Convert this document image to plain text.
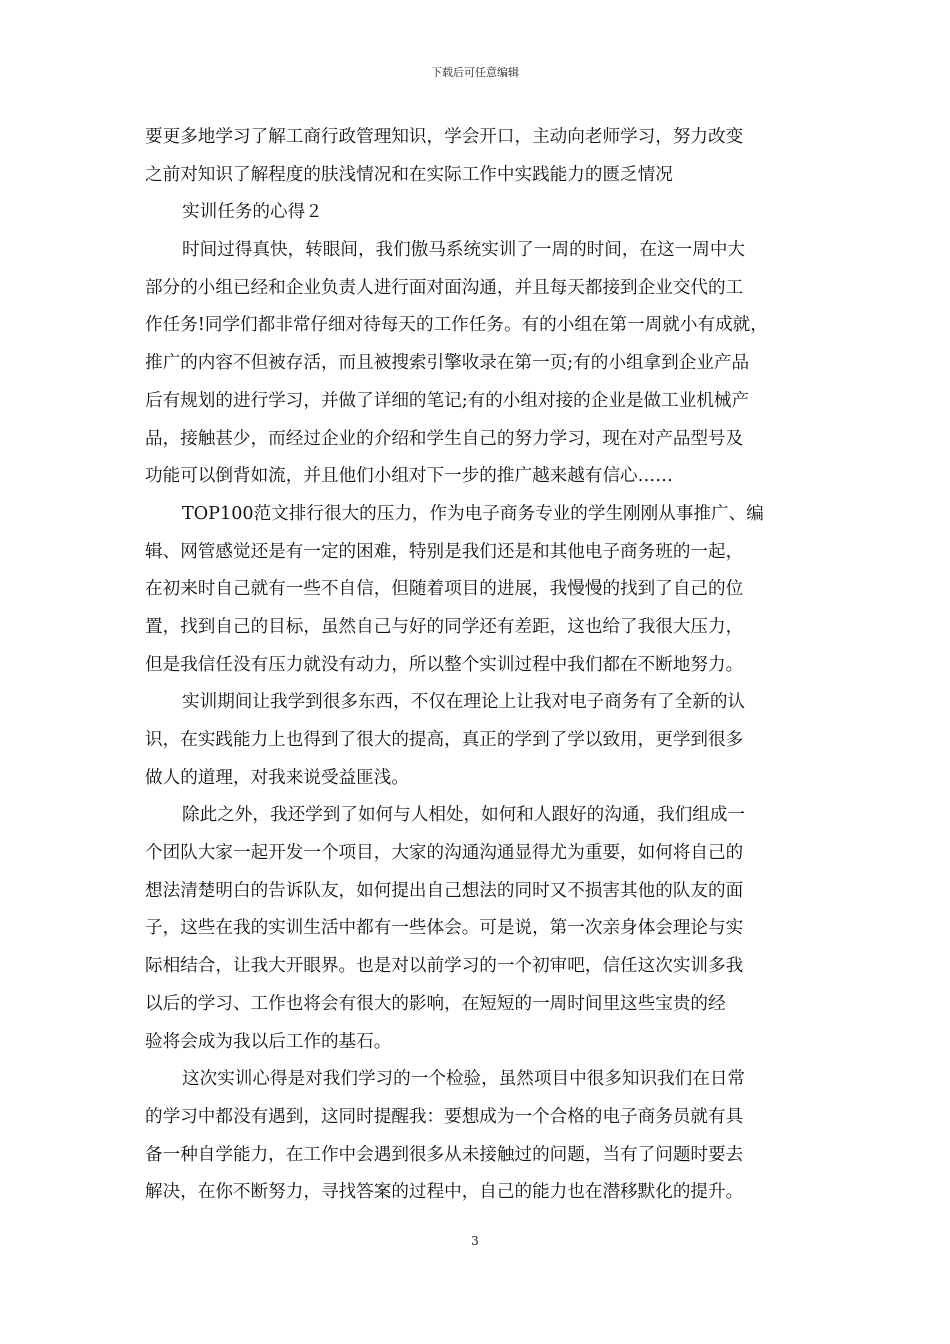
下载后可任意编辑
要更多地学习了解工商行政管理知识，学会开口，主动向老师学习，努力改变
之前对知识了解程度的肤浅情况和在实际工作中实践能力的匮乏情况
实训任务的心得２
时间过得真快，转眼间，我们傲马系统实训了一周的时间，在这一周中大
部分的小组已经和企业负责人进行面对面沟通，并且每天都接到企业交代的工
作任务!同学们都非常仔细对待每天的工作任务。有的小组在第一周就小有成就，
推广的内容不但被存活，而且被搜索引擎收录在第一页;有的小组拿到企业产品
后有规划的进行学习，并做了详细的笔记;有的小组对接的企业是做工业机械产
品，接触甚少，而经过企业的介绍和学生自己的努力学习，现在对产品型号及
功能可以倒背如流，并且他们小组对下一步的推广越来越有信心……
TOP100范文排行很大的压力，作为电子商务专业的学生刚刚从事推广、编
辑、网管感觉还是有一定的困难，特别是我们还是和其他电子商务班的一起，
在初来时自己就有一些不自信，但随着项目的进展，我慢慢的找到了自己的位
置，找到自己的目标，虽然自己与好的同学还有差距，这也给了我很大压力，
但是我信任没有压力就没有动力，所以整个实训过程中我们都在不断地努力。
实训期间让我学到很多东西，不仅在理论上让我对电子商务有了全新的认
识，在实践能力上也得到了很大的提高，真正的学到了学以致用，更学到很多
做人的道理，对我来说受益匪浅。
除此之外，我还学到了如何与人相处，如何和人跟好的沟通，我们组成一
个团队大家一起开发一个项目，大家的沟通沟通显得尤为重要，如何将自己的
想法清楚明白的告诉队友，如何提出自己想法的同时又不损害其他的队友的面
子，这些在我的实训生活中都有一些体会。可是说，第一次亲身体会理论与实
际相结合，让我大开眼界。也是对以前学习的一个初审吧，信任这次实训多我
以后的学习、工作也将会有很大的影响，在短短的一周时间里这些宝贵的经
验将会成为我以后工作的基石。
这次实训心得是对我们学习的一个检验，虽然项目中很多知识我们在日常
的学习中都没有遇到，这同时提醒我：要想成为一个合格的电子商务员就有具
备一种自学能力，在工作中会遇到很多从未接触过的问题，当有了问题时要去
解决，在你不断努力，寻找答案的过程中，自己的能力也在潜移默化的提升。
3
